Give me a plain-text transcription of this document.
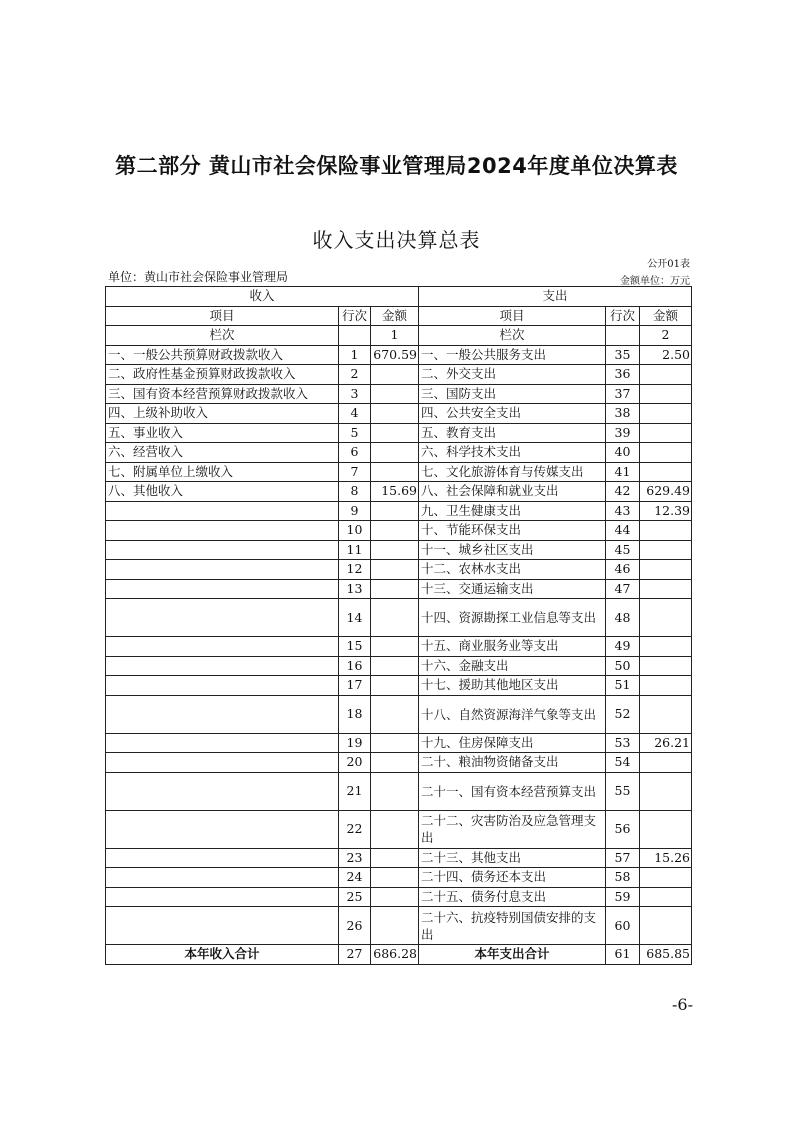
第二部分 黄山市社会保险事业管理局2024年度单位决算表
收入支出决算总表
公开01表
单位：黄山市社会保险事业管理局	金额单位：万元
收入			支出		
项目	行次	金额	项目	行次	金额
栏次		1	栏次		2
一、一般公共预算财政拨款收入	1	670.59	一、一般公共服务支出	35	2.50
二、政府性基金预算财政拨款收入	2		二、外交支出	36	
三、国有资本经营预算财政拨款收入	3		三、国防支出	37	
四、上级补助收入	4		四、公共安全支出	38	
五、事业收入	5		五、教育支出	39	
六、经营收入	6		六、科学技术支出	40	
七、附属单位上缴收入	7		七、文化旅游体育与传媒支出	41	
八、其他收入	8	15.69	八、社会保障和就业支出	42	629.49
	9		九、卫生健康支出	43	12.39
	10		十、节能环保支出	44	
	11		十一、城乡社区支出	45	
	12		十二、农林水支出	46	
	13		十三、交通运输支出	47	
	14		十四、资源勘探工业信息等支出	48	
	15		十五、商业服务业等支出	49	
	16		十六、金融支出	50	
	17		十七、援助其他地区支出	51	
	18		十八、自然资源海洋气象等支出	52	
	19		十九、住房保障支出	53	26.21
	20		二十、粮油物资储备支出	54	
	21		二十一、国有资本经营预算支出	55	
	22		二十二、灾害防治及应急管理支出	56	
	23		二十三、其他支出	57	15.26
	24		二十四、债务还本支出	58	
	25		二十五、债务付息支出	59	
	26		二十六、抗疫特别国债安排的支出	60	
本年收入合计	27	686.28	本年支出合计	61	685.85
-6-
